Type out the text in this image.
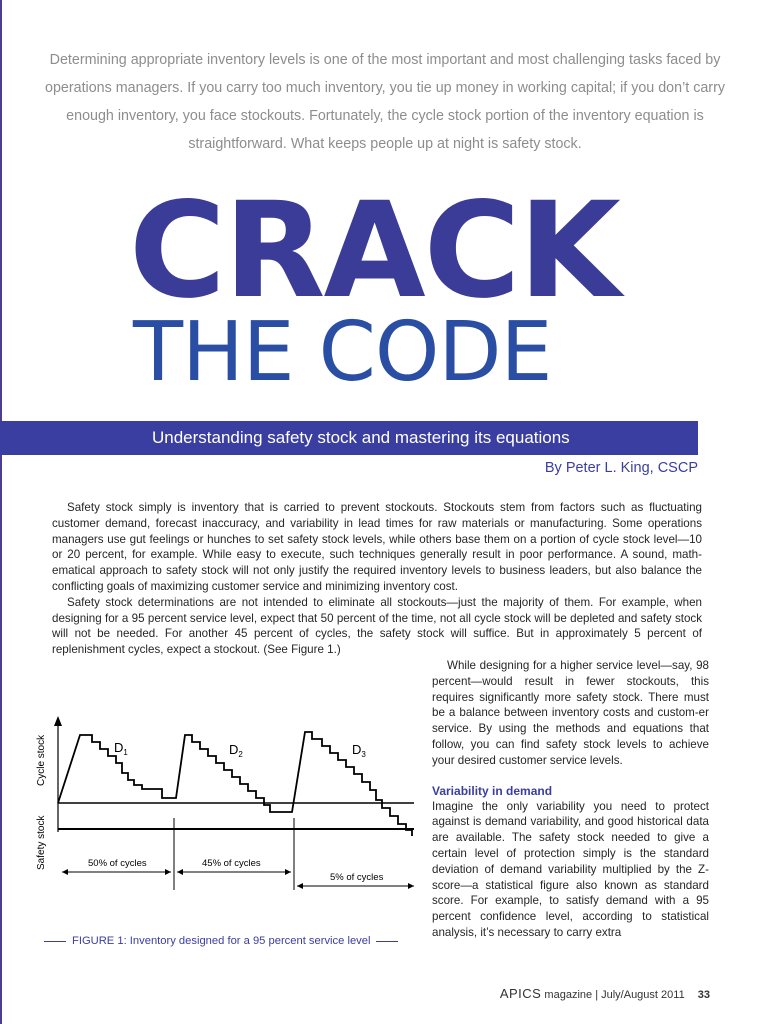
Determining appropriate inventory levels is one of the most important and most challenging tasks faced by operations managers. If you carry too much inventory, you tie up money in working capital; if you don’t carry enough inventory, you face stockouts. Fortunately, the cycle stock portion of the inventory equation is straightforward. What keeps people up at night is safety stock.
CRACK
THE CODE
Understanding safety stock and mastering its equations
By Peter L. King, CSCP

Safety stock simply is inventory that is carried to prevent stockouts. Stockouts stem from factors such as fluctuating customer demand, forecast inaccuracy, and variability in lead times for raw materials or manufacturing. Some operations managers use gut feelings or hunches to set safety stock levels, while others base them on a portion of cycle stock level—10 or 20 percent, for example. While easy to execute, such techniques generally result in poor performance. A sound, math-ematical approach to safety stock will not only justify the required inventory levels to business leaders, but also balance the conflicting goals of maximizing customer service and minimizing inventory cost.

Safety stock determinations are not intended to eliminate all stockouts—just the majority of them. For example, when designing for a 95 percent service level, expect that 50 percent of the time, not all cycle stock will be depleted and safety stock will not be needed. For another 45 percent of cycles, the safety stock will suffice. But in approximately 5 percent of replenishment cycles, expect a stockout. (See Figure 1.)

While designing for a higher service level—say, 98 percent—would result in fewer stockouts, this requires significantly more safety stock. There must be a balance between inventory costs and custom-er service. By using the methods and equations that follow, you can find safety stock levels to achieve your desired customer service levels.

Variability in demand

Imagine the only variability you need to protect against is demand variability, and good historical data are available. The safety stock needed to give a certain level of protection simply is the standard deviation of demand variability multiplied by the Z-score—a statistical figure also known as standard score. For example, to satisfy demand with a 95 percent confidence level, according to statistical analysis, it’s necessary to carry extra

$D_1$	$D_2$	$D_3$
Cycle stock
Safety stock	50% of cycles	45% of cycles
5% of cycles
FIGURE 1: Inventory designed for a 95 percent service level
APICS magazine | July/August 2011 33
